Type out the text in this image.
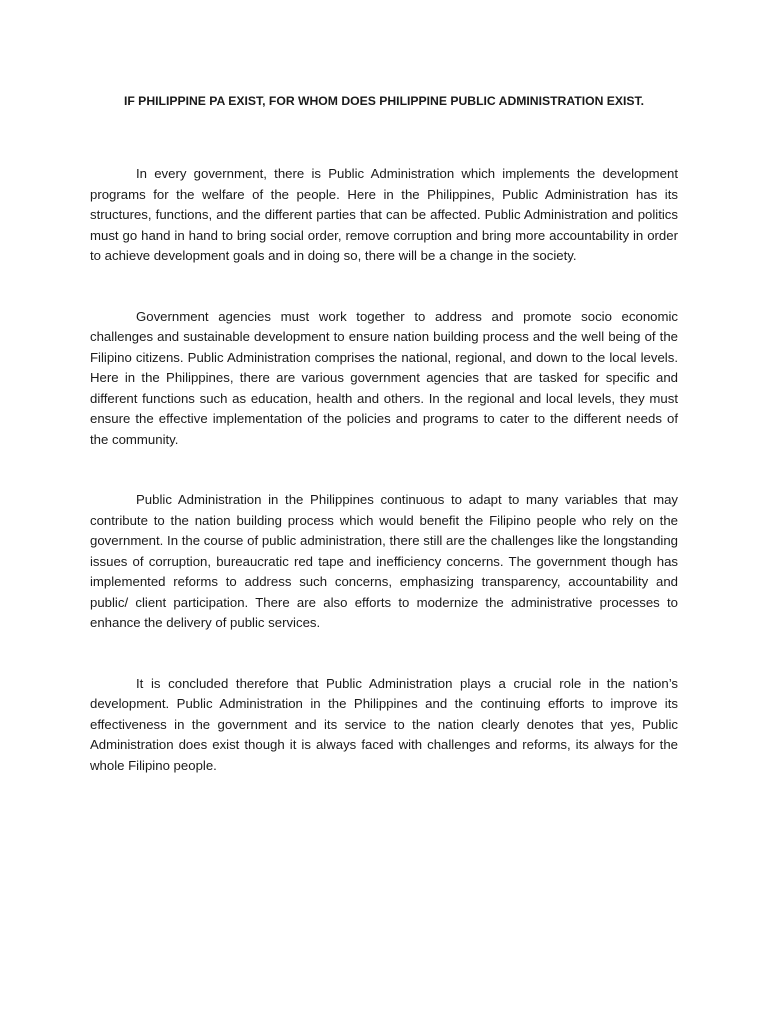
IF PHILIPPINE PA EXIST, FOR WHOM DOES PHILIPPINE PUBLIC ADMINISTRATION EXIST.

In every government, there is Public Administration which implements the development programs for the welfare of the people. Here in the Philippines, Public Administration has its structures, functions, and the different parties that can be affected. Public Administration and politics must go hand in hand to bring social order, remove corruption and bring more accountability in order to achieve development goals and in doing so, there will be a change in the society.

Government agencies must work together to address and promote socio economic challenges and sustainable development to ensure nation building process and the well being of the Filipino citizens. Public Administration comprises the national, regional, and down to the local levels. Here in the Philippines, there are various government agencies that are tasked for specific and different functions such as education, health and others. In the regional and local levels, they must ensure the effective implementation of the policies and programs to cater to the different needs of the community.

Public Administration in the Philippines continuous to adapt to many variables that may contribute to the nation building process which would benefit the Filipino people who rely on the government. In the course of public administration, there still are the challenges like the longstanding issues of corruption, bureaucratic red tape and inefficiency concerns. The government though has implemented reforms to address such concerns, emphasizing transparency, accountability and public/ client participation. There are also efforts to modernize the administrative processes to enhance the delivery of public services.

It is concluded therefore that Public Administration plays a crucial role in the nation’s development. Public Administration in the Philippines and the continuing efforts to improve its effectiveness in the government and its service to the nation clearly denotes that yes, Public Administration does exist though it is always faced with challenges and reforms, its always for the whole Filipino people.
